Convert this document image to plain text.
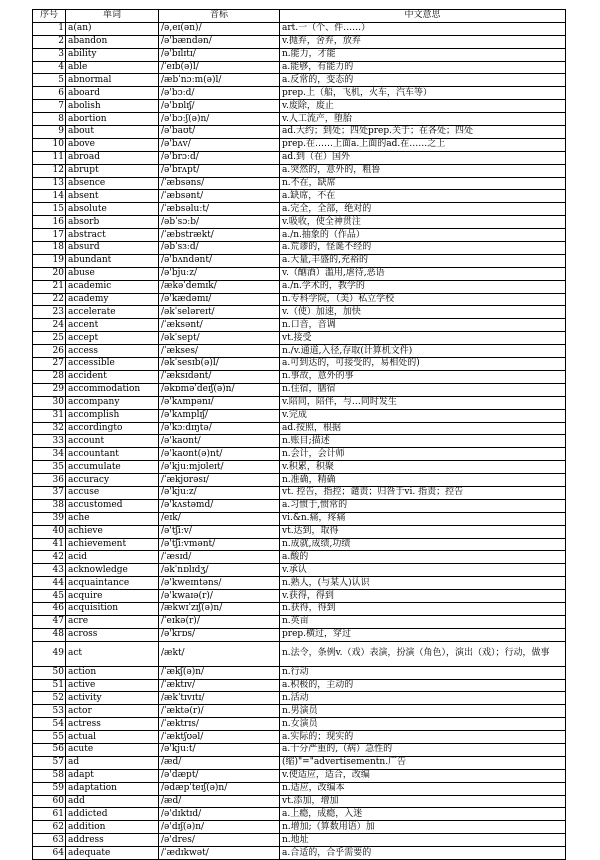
序号	单词	音标	中文意思
1	a(an)	/ə,eɪ(ən)/	art.一（个、件……）
2	abandon	/ə'bændən/	v.抛弃，舍弃，放弃
3	ability	/ə'bɪlɪtɪ/	n.能力，才能
4	able	/ˈeɪb(ə)l/	a.能够，有能力的
5	abnormal	/æbˈnɔːm(ə)l/	a.反常的，变态的
6	aboard	/ə'bɔːd/	prep.上（船，飞机，火车，汽车等）
7	abolish	/ə'bɒlɪʃ/	v.废除，废止
8	abortion	/ə'bɔːʃ(ə)n/	v.人工流产，堕胎
9	about	/ə'baʊt/	ad.大约；到处；四处prep.关于；在各处；四处
10	above	/ə'bʌv/	prep.在……上面a.上面的ad.在……之上
11	abroad	/ə'brɔːd/	ad.到（在）国外
12	abrupt	/ə'brʌpt/	a.突然的，意外的，粗鲁
13	absence	/ˈæbsəns/	n.不在，缺席
14	absent	/ˈæbsənt/	a.缺席，不在
15	absolute	/ˈæbsəluːt/	a.完全，全部，绝对的
16	absorb	/əbˈsɔːb/	v.吸收，使全神贯注
17	abstract	/ˈæbstrækt/	a./n.抽象的（作品）
18	absurd	/əbˈsɜːd/	a.荒谬的，怪诞不经的
19	abundant	/ə'bʌndənt/	a.大量,丰盛的,充裕的
20	abuse	/ə'bjuːz/	v.（酗酒）滥用,虐待,恶语
21	academic	/ækəˈdemɪk/	a./n.学术的，教学的
22	academy	/ə'kædəmɪ/	n.专科学院，（美）私立学校
23	accelerate	/əkˈseləreɪt/	v.（使）加速，加快
24	accent	/ˈæksənt/	n.口音，音调
25	accept	/əkˈsept/	vt.接受
26	access	/ˈækses/	n./v.通道,入径,存取(计算机文件)
27	accessible	/əkˈsesɪb(ə)l/	a.可到达的，可接受的，易相处的)
28	accident	/ˈæksɪdənt/	n.事故，意外的事
29	accommodation	/əkɒməˈdeɪʃ(ə)n/	n.住宿，膳宿
30	accompany	/ə'kʌmpənɪ/	v.陪同，陪伴，与…同时发生
31	accomplish	/ə'kʌmplɪʃ/	v.完成
32	accordingto	/ə'kɔːdɪŋtə/	ad.按照，根据
33	account	/ə'kaʊnt/	n.账目;描述
34	accountant	/ə'kaʊnt(ə)nt/	n.会计，会计师
35	accumulate	/ə'kjuːmjʊleɪt/	v.积累，积聚
36	accuracy	/ˈækjʊrəsɪ/	n.准确，精确
37	accuse	/ə'kjuːz/	vt. 控告，指控；谴责；归咎于vi. 指责；控告
38	accustomed	/ə'kʌstəmd/	a.习惯于,惯常的
39	ache	/eɪk/	vi.&n.痛，疼痛
40	achieve	/ə'tʃiːv/	vt.达到，取得
41	achievement	/ə'tʃiːvmənt/	n.成就,成绩,功绩
42	acid	/ˈæsɪd/	a.酸的
43	acknowledge	/əkˈnɒlɪdʒ/	v.承认
44	acquaintance	/ə'kweɪntəns/	n.熟人，(与某人)认识
45	acquire	/ə'kwaɪə(r)/	v.获得，得到
46	acquisition	/ækwɪˈzɪʃ(ə)n/	n.获得，得到
47	acre	/ˈeɪkə(r)/	n.英亩
48	across	/ə'krɒs/	prep.横过，穿过
49	act	/ækt/	n.法令，条例v.（戏）表演，扮演（角色），演出（戏）；行动，做事
50	action	/ˈækʃ(ə)n/	n.行动
51	active	/ˈæktɪv/	a.积极的，主动的
52	activity	/ækˈtɪvɪtɪ/	n.活动
53	actor	/ˈæktə(r)/	n.男演员
54	actress	/ˈæktrɪs/	n.女演员
55	actual	/ˈæktʃʊəl/	a.实际的；现实的
56	acute	/ə'kjuːt/	a.十分严重的,（病）急性的
57	ad	/æd/	(缩)"="advertisementn.广告
58	adapt	/ə'dæpt/	v.使适应，适合，改编
59	adaptation	/ədæpˈteɪʃ(ə)n/	n.适应，改编本
60	add	/æd/	vt.添加，增加
61	addicted	/ə'dɪktɪd/	a.上瘾，成瘾，入迷
62	addition	/ə'dɪʃ(ə)n/	n.增加;（算数用语）加
63	address	/ə'dres/	n.地址
64	adequate	/ˈædɪkwət/	a.合适的，合乎需要的
